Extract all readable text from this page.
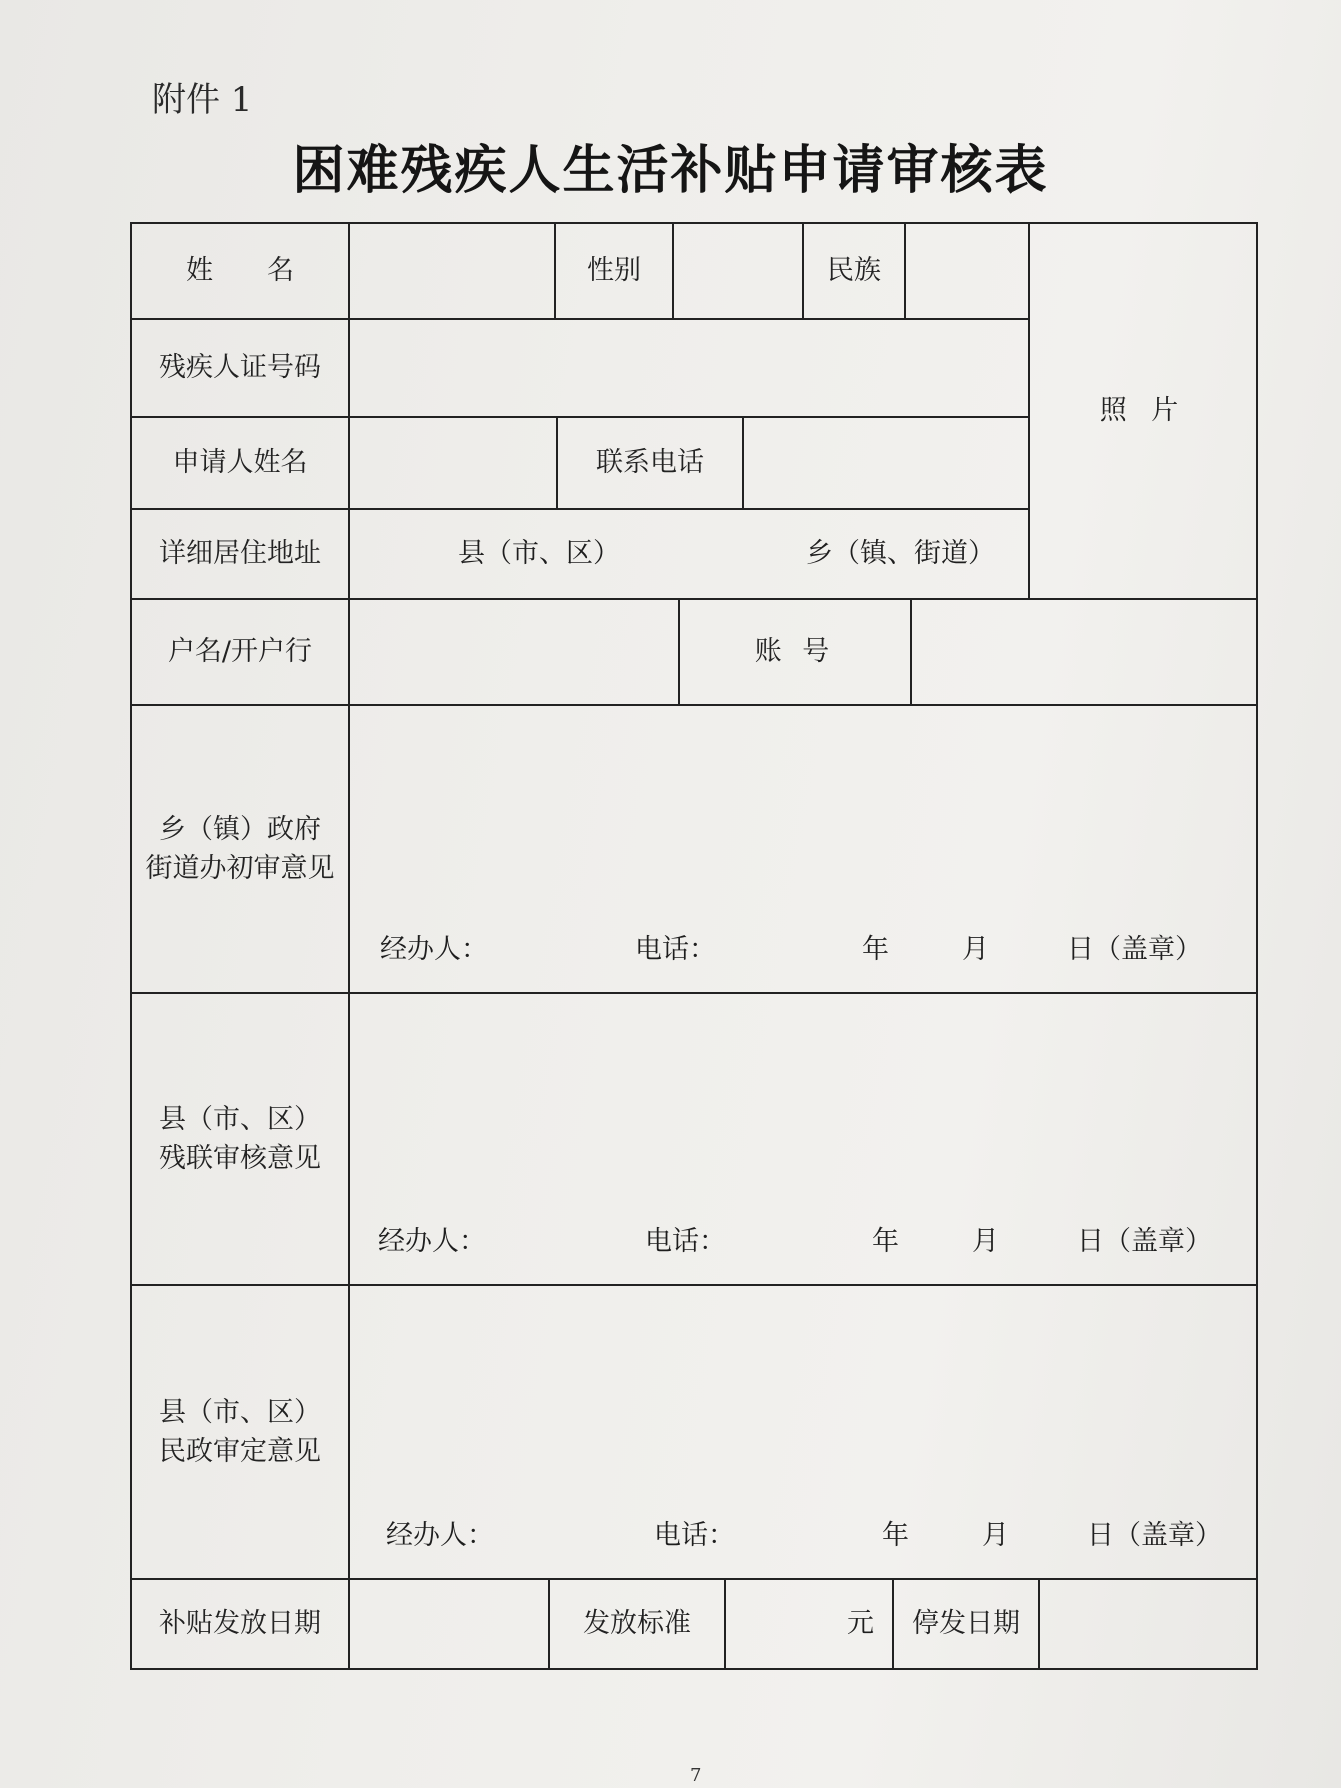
附件 1
困难残疾人生活补贴申请审核表
姓　　名	性别	民族
照 片
残疾人证号码
申请人姓名	联系电话
详细居住地址	县（市、区）	乡（镇、街道）
户名/开户行	账 号
乡（镇）政府
街道办初审意见
经办人：	电话：	年	月	日（盖章）
县（市、区）
残联审核意见
经办人：	电话：	年	月	日（盖章）
县（市、区）
民政审定意见
经办人：	电话：	年	月	日（盖章）
补贴发放日期	发放标准	元 停发日期
7
